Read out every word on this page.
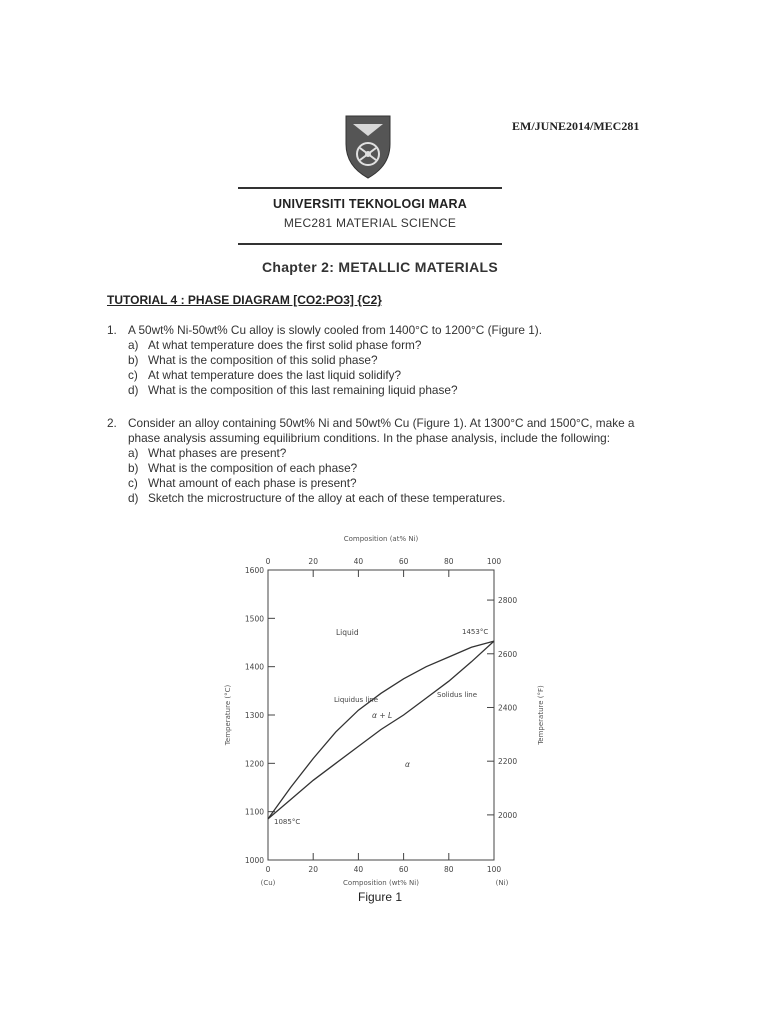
EM/JUNE2014/MEC281
UNIVERSITI TEKNOLOGI MARA
MEC281 MATERIAL SCIENCE
Chapter 2: METALLIC MATERIALS
TUTORIAL 4 : PHASE DIAGRAM [CO2:PO3] {C2}
1. A 50wt% Ni-50wt% Cu alloy is slowly cooled from 1400°C to 1200°C (Figure 1).
a) At what temperature does the first solid phase form?
b) What is the composition of this solid phase?
c) At what temperature does the last liquid solidify?
d) What is the composition of this last remaining liquid phase?
2. Consider an alloy containing 50wt% Ni and 50wt% Cu (Figure 1). At 1300°C and 1500°C, make a phase analysis assuming equilibrium conditions. In the phase analysis, include the following:
a) What phases are present?
b) What is the composition of each phase?
c) What amount of each phase is present?
d) Sketch the microstructure of the alloy at each of these temperatures.
0	20	40	60	80	100
0	20	40	60	80	100
1000
1100
1200
1300
1400
1500
1600
2000
2200
2400
2600
2800
Composition (at% Ni)
Composition (wt% Ni)
(Cu)	(Ni)
Temperature (°C)	Temperature (°F)
Liquid
α + L
α
Liquidus line
Solidus line
1085°C
1453°C
Figure 1
